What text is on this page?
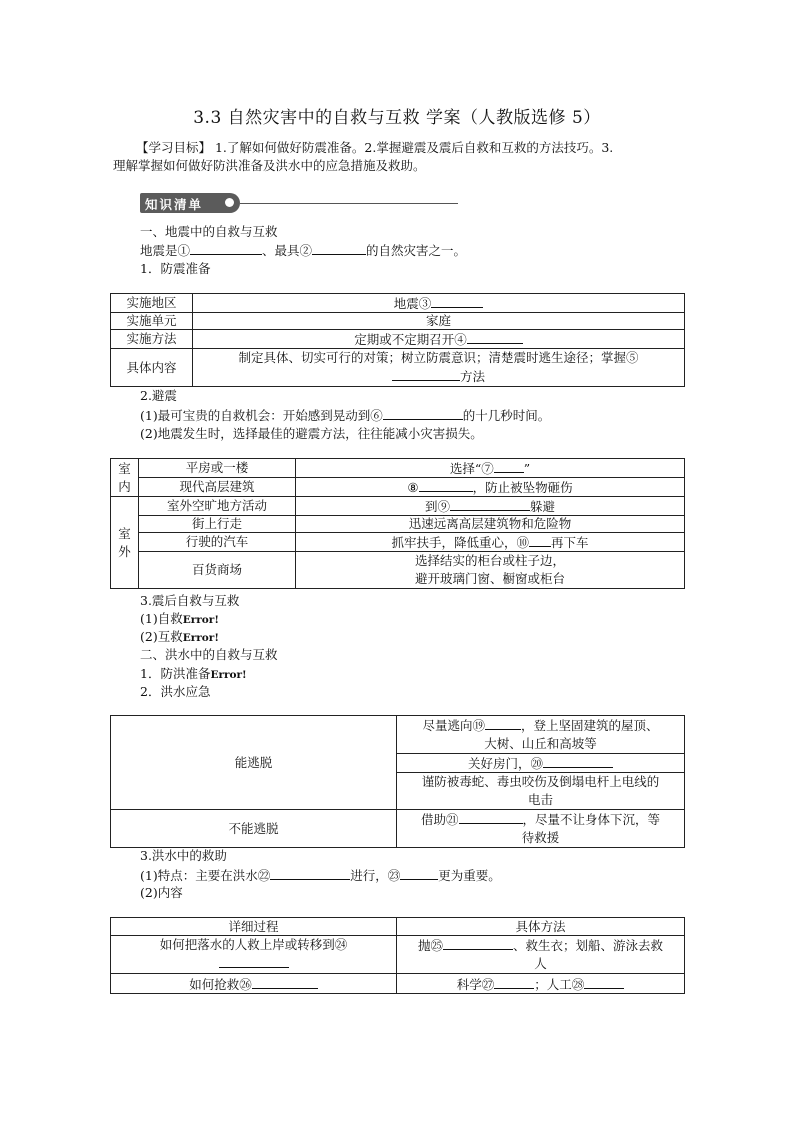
3.3 自然灾害中的自救与互救 学案（人教版选修 5）
【学习目标】 1.了解如何做好防震准备。2.掌握避震及震后自救和互救的方法技巧。3.
理解掌握如何做好防洪准备及洪水中的应急措施及救助。
知识清单
一、地震中的自救与互救
地震是①	、最具②	的自然灾害之一。
1．防震准备
实施地区	地震③
实施单元	家庭
实施方法	定期或不定期召开④
具体内容	制定具体、切实可行的对策；树立防震意识；清楚震时逃生途径；掌握⑤
方法
2.避震
(1)最可宝贵的自救机会：开始感到晃动到⑥	的十几秒时间。
(2)地震发生时，选择最佳的避震方法，往往能减小灾害损失。
室内	平房或一楼	选择“⑦ ”
	现代高层建筑	⑧ ，防止被坠物砸伤
室外	室外空旷地方活动	到⑨ 躲避
	街上行走	迅速远离高层建筑物和危险物
	行驶的汽车	抓牢扶手，降低重心，⑩ 再下车
	百货商场	选择结实的柜台或柱子边，
避开玻璃门窗、橱窗或柜台
3.震后自救与互救
(1)自救Error!
(2)互救Error!
二、洪水中的自救与互救
1．防洪准备Error!
2．洪水应急
能逃脱	尽量逃向⑲ ，登上坚固建筑的屋顶、
大树、山丘和高坡等
	关好房门，⑳
	谨防被毒蛇、毒虫咬伤及倒塌电杆上电线的
电击
不能逃脱	借助㉑ ，尽量不让身体下沉，等
待救援
3.洪水中的救助
(1)特点：主要在洪水㉒	进行，㉓	更为重要。
(2)内容
详细过程	具体方法
如何把落水的人救上岸或转移到㉔	抛㉕ 、救生衣；划船、游泳去救
人
如何抢救㉖	科学㉗ ；人工㉘
